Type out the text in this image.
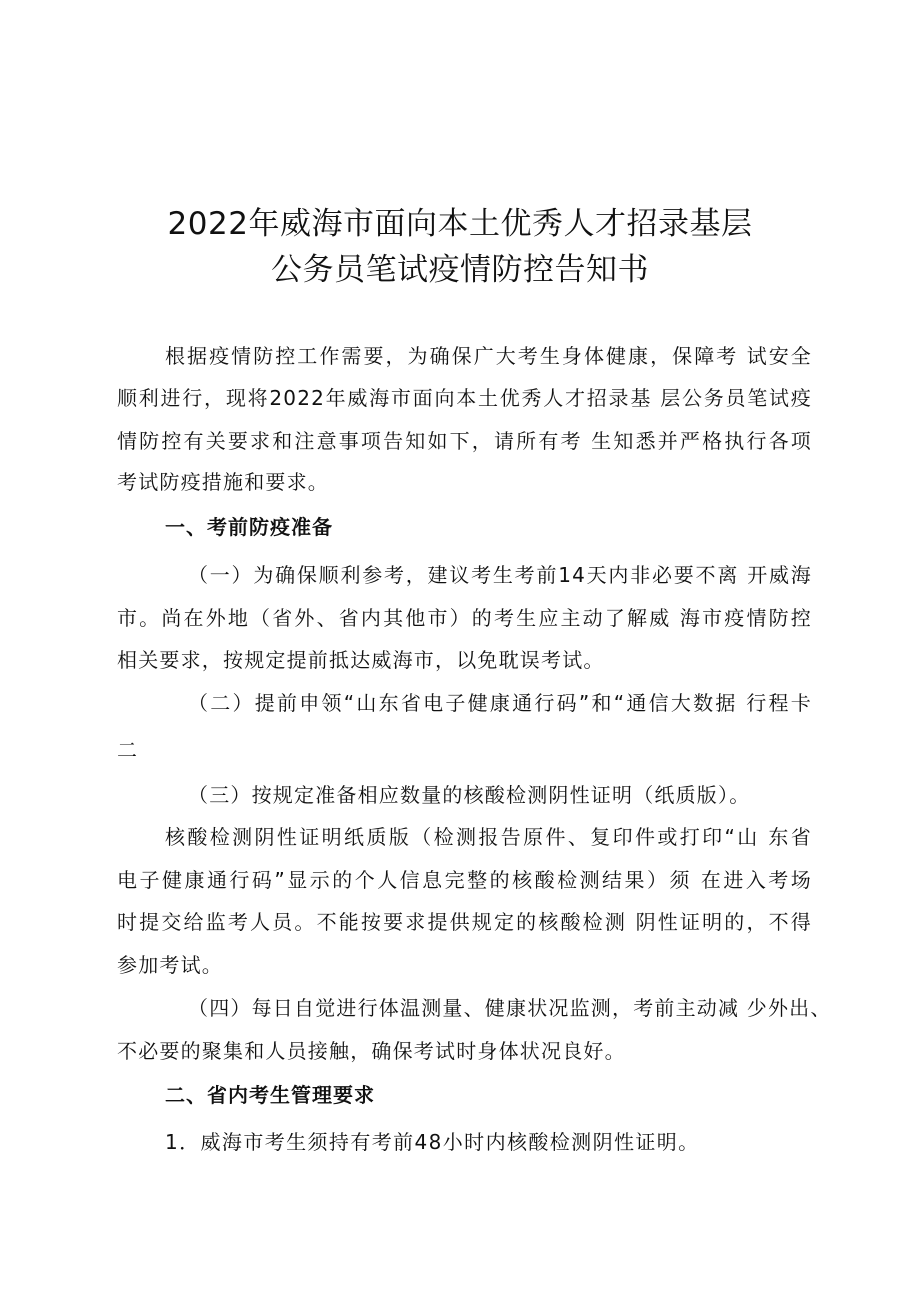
2022年威海市面向本土优秀人才招录基层
公务员笔试疫情防控告知书
根据疫情防控工作需要，为确保广大考生身体健康，保障考 试安全
顺利进行，现将2022年威海市面向本土优秀人才招录基 层公务员笔试疫
情防控有关要求和注意事项告知如下，请所有考 生知悉并严格执行各项
考试防疫措施和要求。
一、考前防疫准备
（一）为确保顺利参考，建议考生考前14天内非必要不离 开威海
市。尚在外地（省外、省内其他市）的考生应主动了解威 海市疫情防控
相关要求，按规定提前抵达威海市，以免耽误考试。
（二）提前申领“山东省电子健康通行码”和“通信大数据 行程卡
二
（三）按规定准备相应数量的核酸检测阴性证明（纸质版）。
核酸检测阴性证明纸质版（检测报告原件、复印件或打印“山 东省
电子健康通行码”显示的个人信息完整的核酸检测结果）须 在进入考场
时提交给监考人员。不能按要求提供规定的核酸检测 阴性证明的，不得
参加考试。
（四）每日自觉进行体温测量、健康状况监测，考前主动减 少外出、
不必要的聚集和人员接触，确保考试时身体状况良好。
二、省内考生管理要求
1．威海市考生须持有考前48小时内核酸检测阴性证明。
